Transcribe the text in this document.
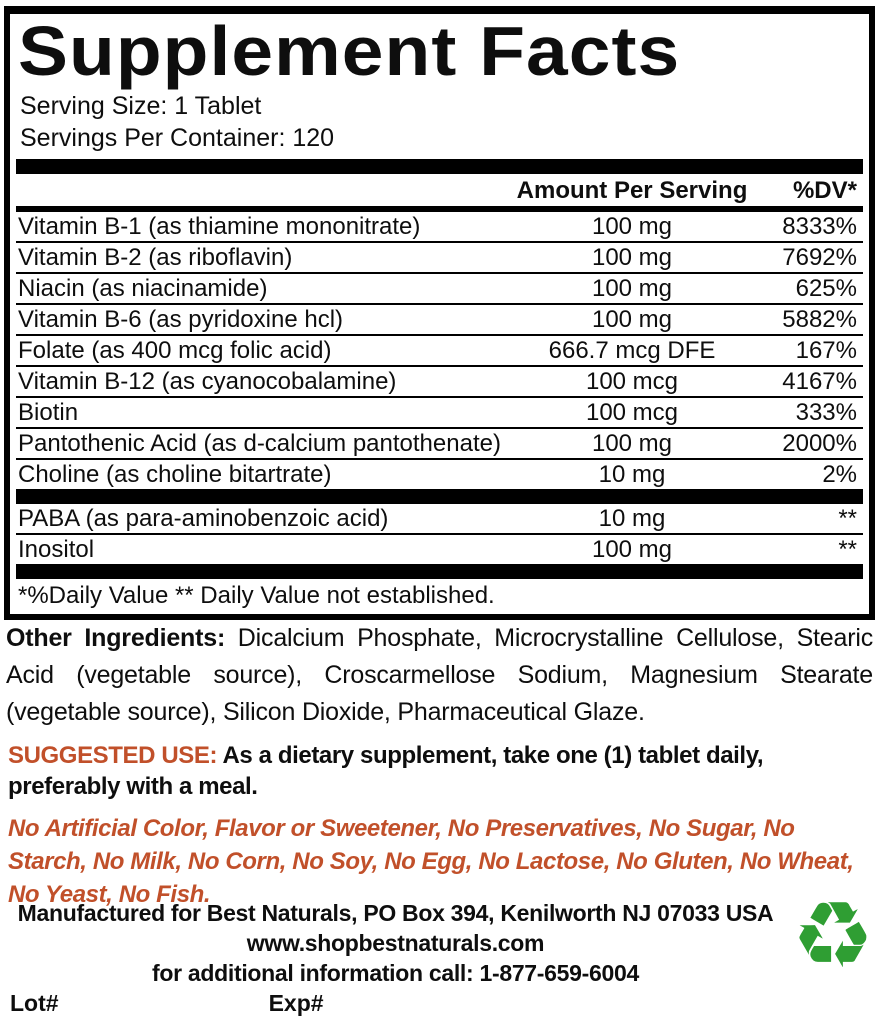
Supplement Facts
Serving Size: 1 Tablet
Servings Per Container: 120
Amount Per Serving	%DV*
Vitamin B-1 (as thiamine mononitrate)	100 mg	8333%
Vitamin B-2 (as riboflavin)	100 mg	7692%
Niacin (as niacinamide)	100 mg	625%
Vitamin B-6 (as pyridoxine hcl)	100 mg	5882%
Folate (as 400 mcg folic acid)	666.7 mcg DFE	167%
Vitamin B-12 (as cyanocobalamine)	100 mcg	4167%
Biotin	100 mcg	333%
Pantothenic Acid (as d-calcium pantothenate)	100 mg	2000%
Choline (as choline bitartrate)	10 mg	2%
PABA (as para-aminobenzoic acid)	10 mg	**
Inositol	100 mg	**
*%Daily Value ** Daily Value not established.
Other Ingredients: Dicalcium Phosphate, Microcrystalline Cellulose, Stearic Acid (vegetable source), Croscarmellose Sodium, Magnesium Stearate (vegetable source), Silicon Dioxide, Pharmaceutical Glaze.
SUGGESTED USE: As a dietary supplement, take one (1) tablet daily, preferably with a meal.
No Artificial Color, Flavor or Sweetener, No Preservatives, No Sugar, No Starch, No Milk, No Corn, No Soy, No Egg, No Lactose, No Gluten, No Wheat, No Yeast, No Fish.
Manufactured for Best Naturals, PO Box 394, Kenilworth NJ 07033 USA
www.shopbestnaturals.com
for additional information call: 1-877-659-6004
Lot#	Exp#
♻
